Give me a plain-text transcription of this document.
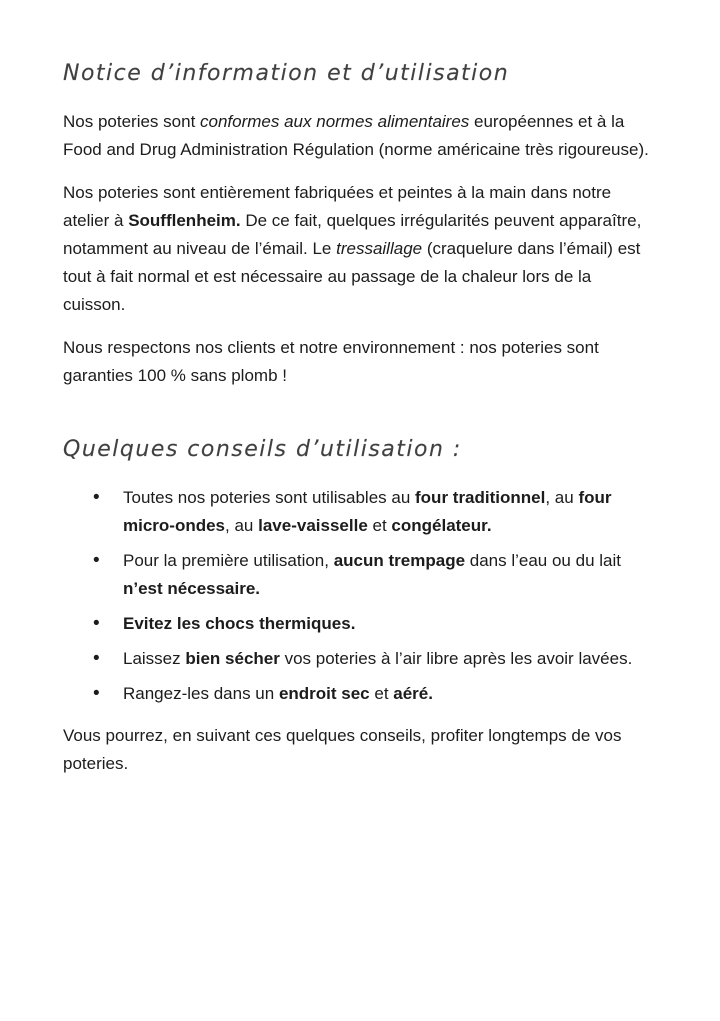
Notice d’information et d’utilisation

Nos poteries sont conformes aux normes alimentaires européennes et à la Food and Drug Administration Régulation (norme américaine très rigoureuse).

Nos poteries sont entièrement fabriquées et peintes à la main dans notre atelier à Soufflenheim. De ce fait, quelques irrégularités peuvent apparaître, notamment au niveau de l’émail. Le tressaillage (craquelure dans l’émail) est tout à fait normal et est nécessaire au passage de la chaleur lors de la cuisson.

Nous respectons nos clients et notre environnement : nos poteries sont garanties 100 % sans plomb !

Quelques conseils d’utilisation :
• Toutes nos poteries sont utilisables au four traditionnel, au four micro-ondes, au lave-vaisselle et congélateur.
• Pour la première utilisation, aucun trempage dans l’eau ou du lait n’est nécessaire.
• Evitez les chocs thermiques.
• Laissez bien sécher vos poteries à l’air libre après les avoir lavées.
• Rangez-les dans un endroit sec et aéré.

Vous pourrez, en suivant ces quelques conseils, profiter longtemps de vos poteries.
